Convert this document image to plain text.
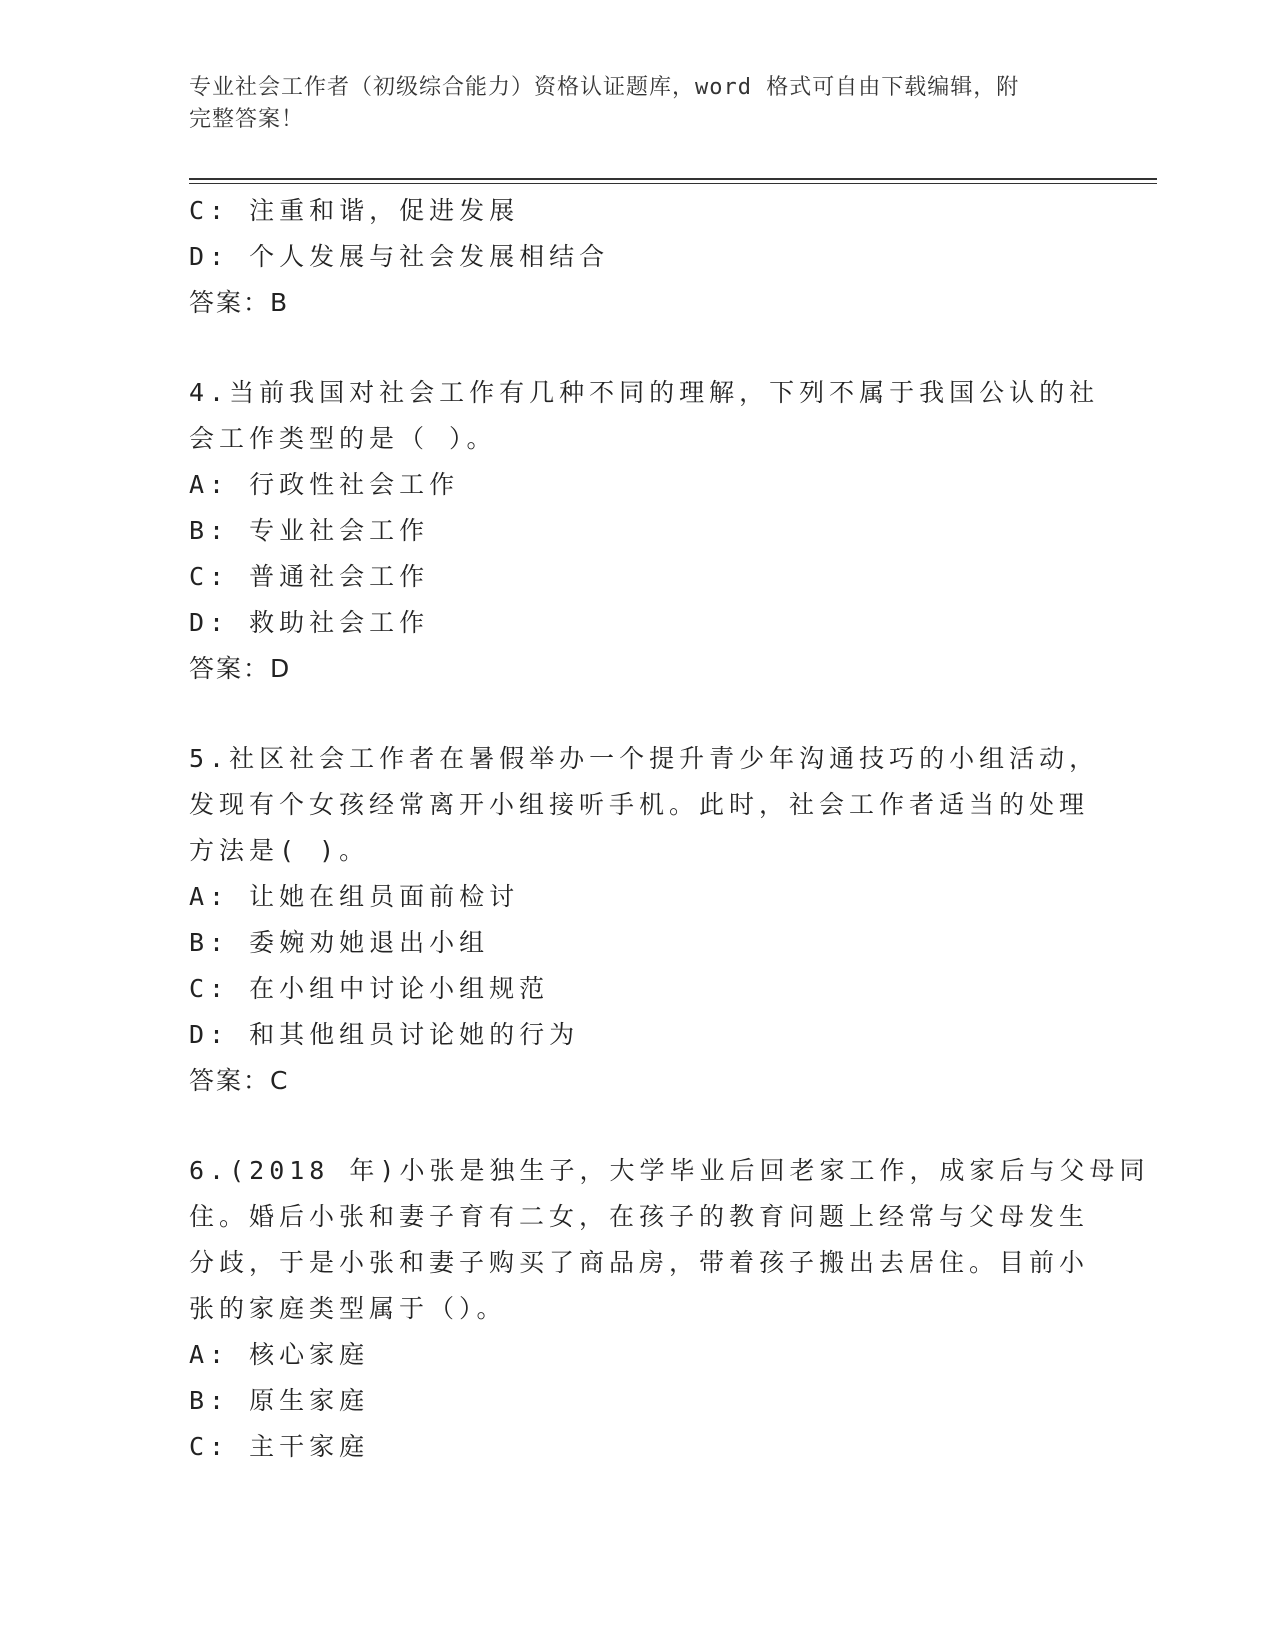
专业社会工作者（初级综合能力）资格认证题库，word 格式可自由下载编辑，附
完整答案！
C: 注重和谐，促进发展
D: 个人发展与社会发展相结合
答案：B
4.当前我国对社会工作有几种不同的理解，下列不属于我国公认的社
会工作类型的是（ ）。
A: 行政性社会工作
B: 专业社会工作
C: 普通社会工作
D: 救助社会工作
答案：D
5.社区社会工作者在暑假举办一个提升青少年沟通技巧的小组活动，
发现有个女孩经常离开小组接听手机。此时，社会工作者适当的处理
方法是( )。
A: 让她在组员面前检讨
B: 委婉劝她退出小组
C: 在小组中讨论小组规范
D: 和其他组员讨论她的行为
答案：C
6.(2018 年)小张是独生子，大学毕业后回老家工作，成家后与父母同
住。婚后小张和妻子育有二女，在孩子的教育问题上经常与父母发生
分歧，于是小张和妻子购买了商品房，带着孩子搬出去居住。目前小
张的家庭类型属于（）。
A: 核心家庭
B: 原生家庭
C: 主干家庭
